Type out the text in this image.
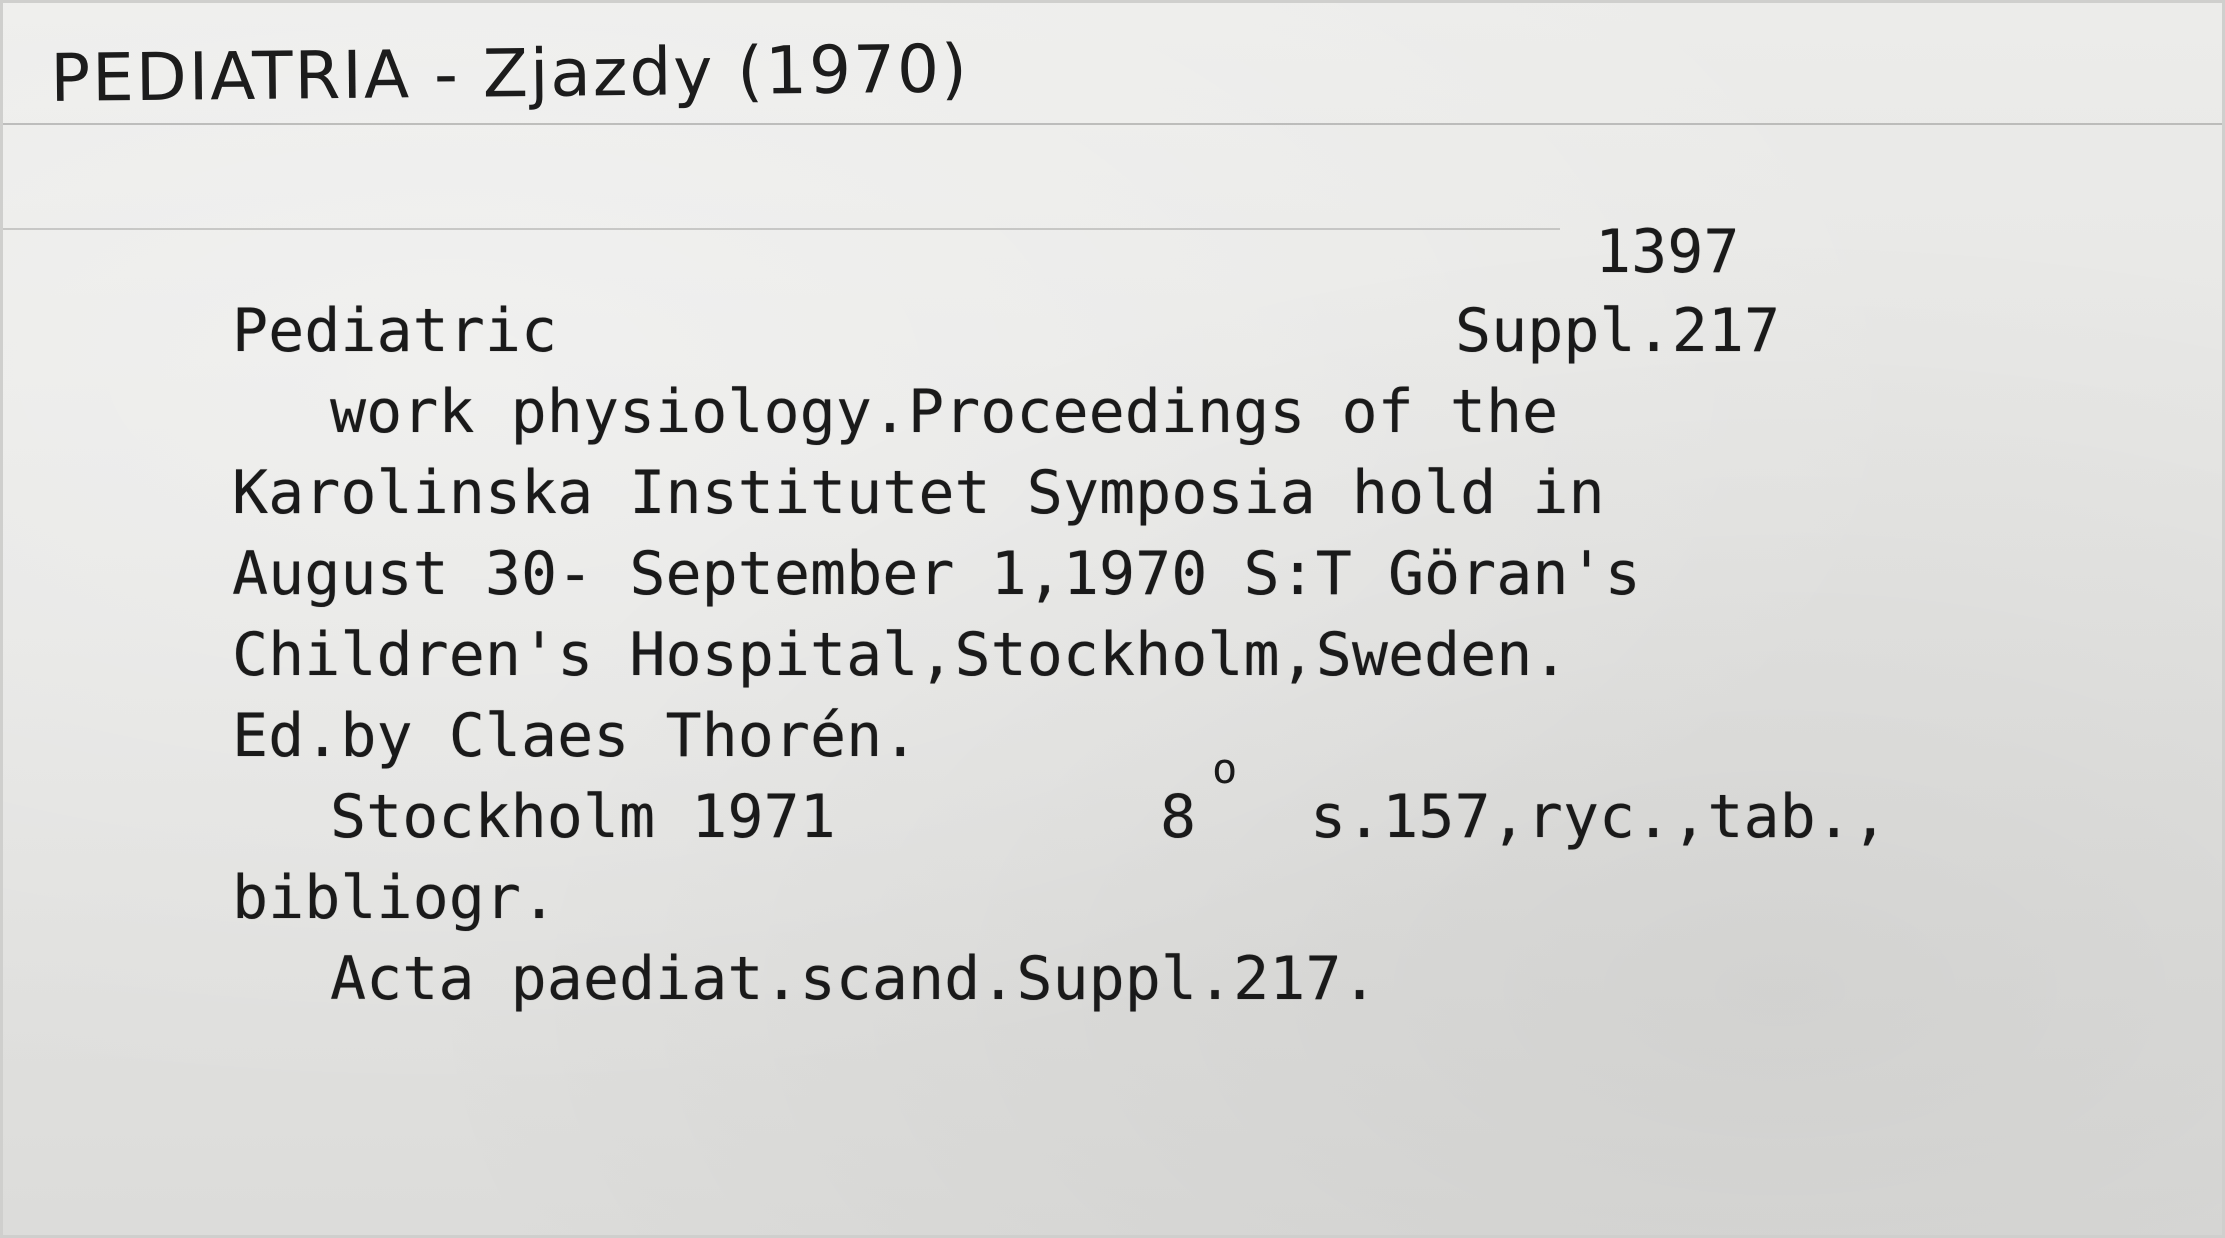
PEDIATRIA - Zjazdy (1970)
1397
Pediatric	Suppl.217
work physiology.Proceedings of the
Karolinska Institutet Symposia hold in
August 30- September 1,1970 S:T Göran's
Children's Hospital,Stockholm,Sweden.
Ed.by Claes Thorén.
Stockholm 1971	8
o
s.157,ryc.,tab.,
bibliogr.
Acta paediat.scand.Suppl.217.
